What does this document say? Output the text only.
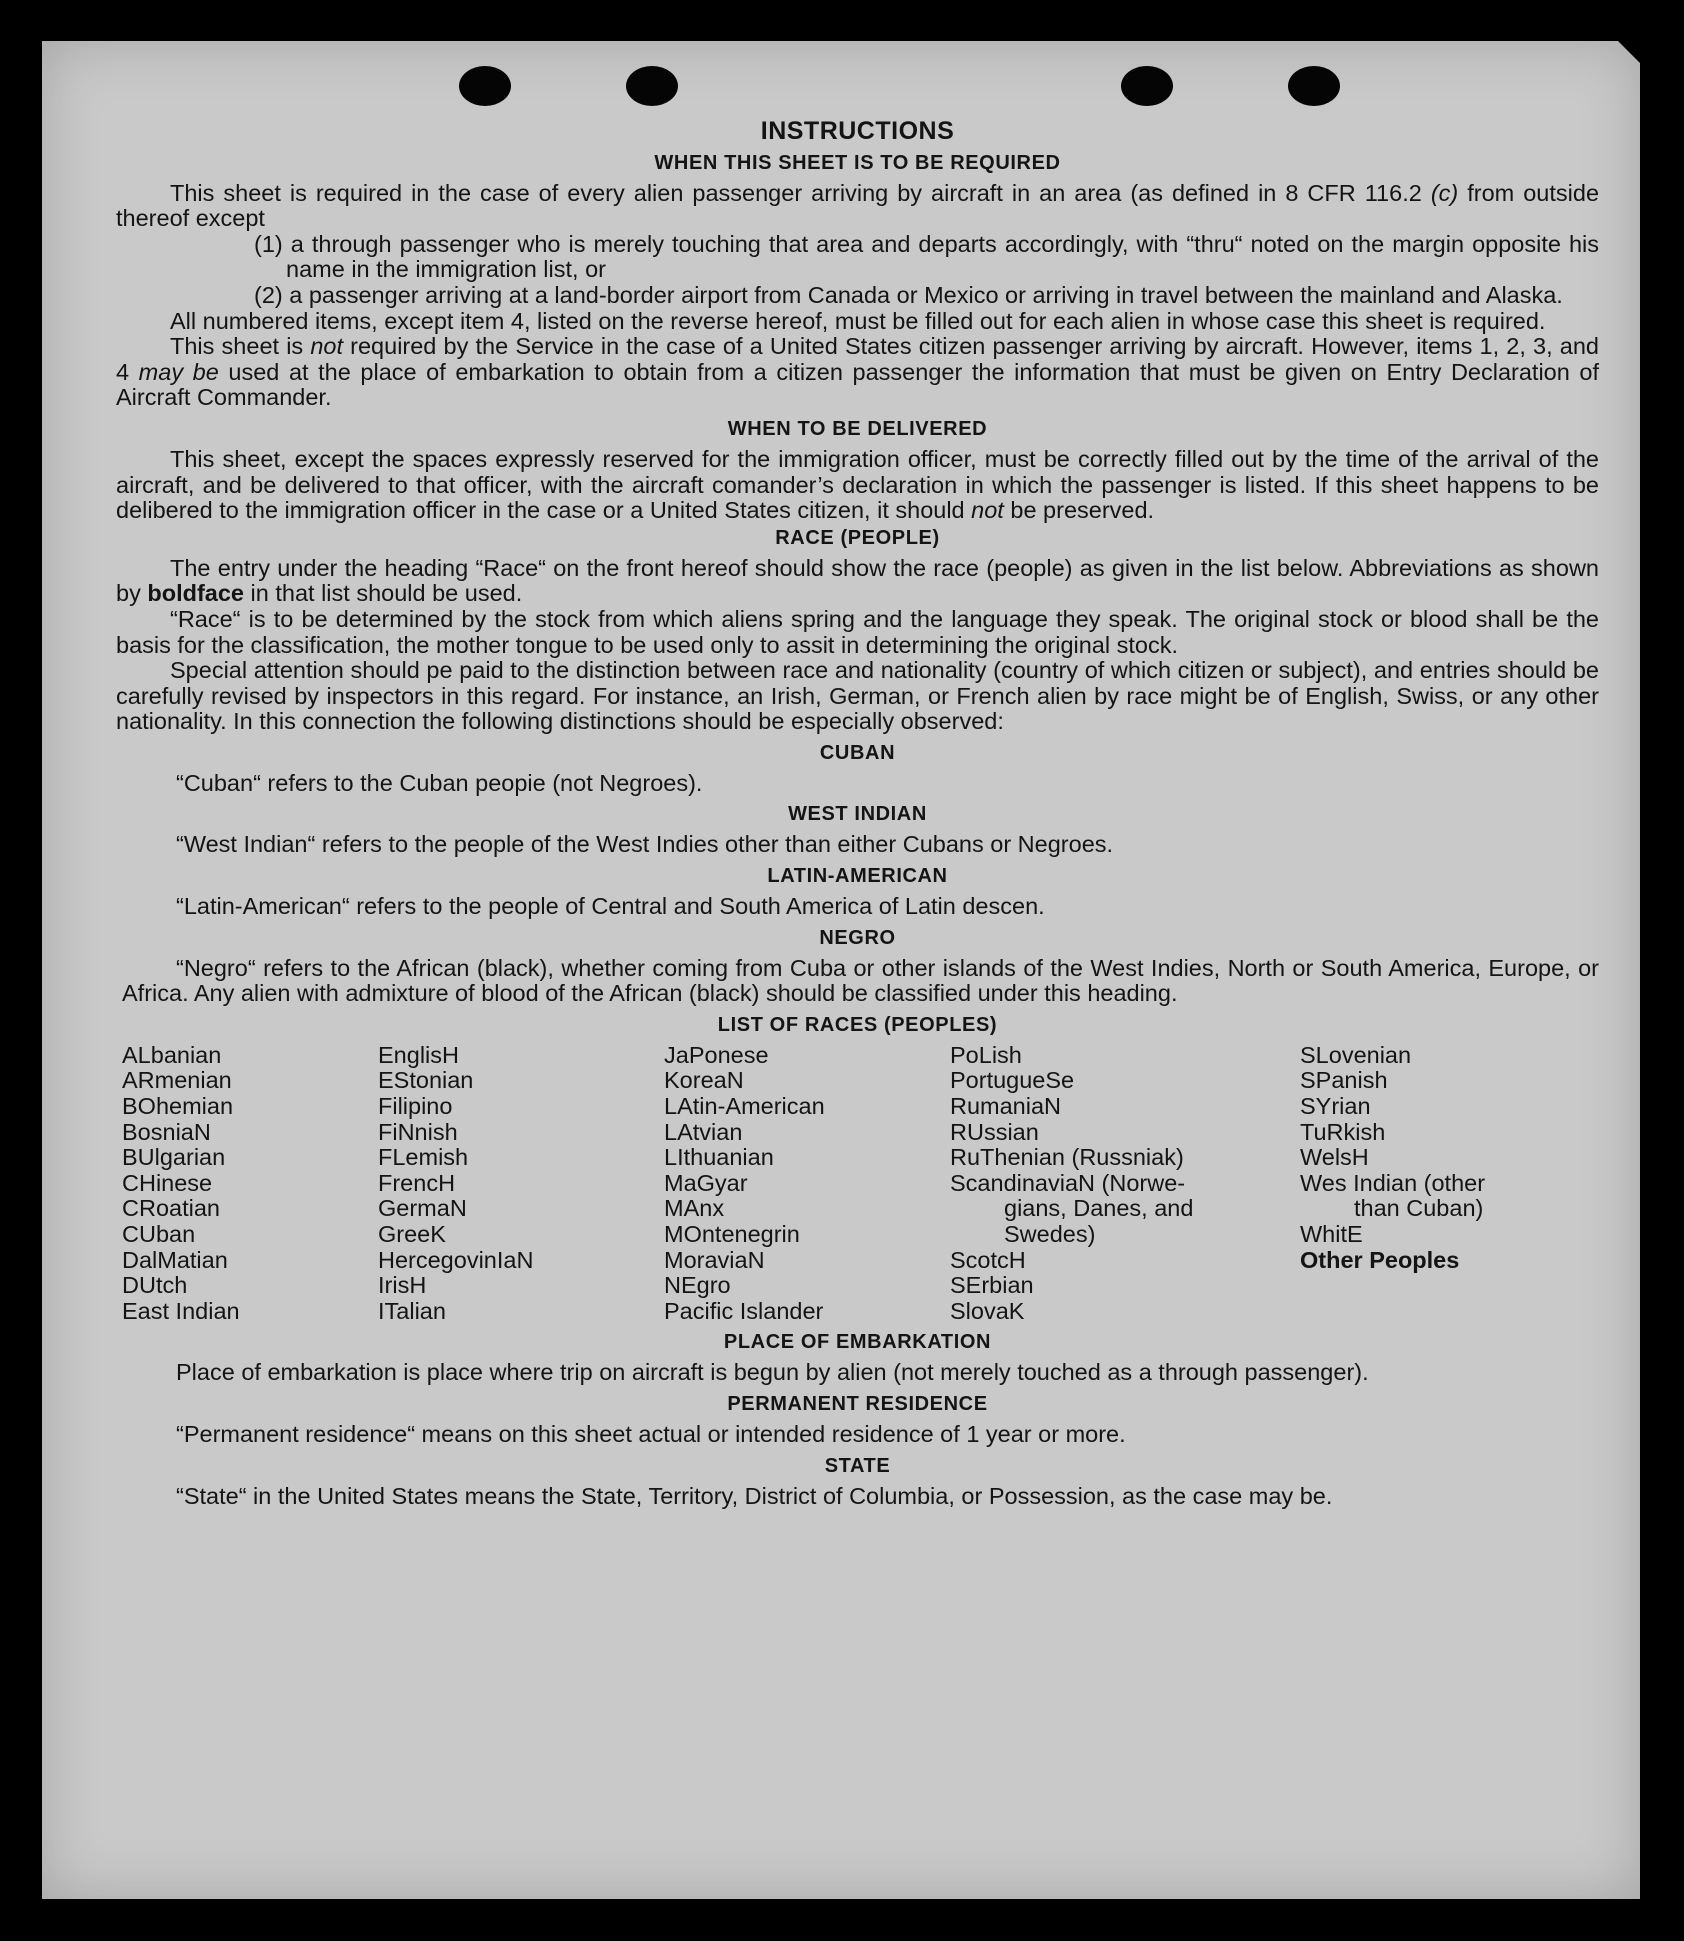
INSTRUCTIONS
WHEN THIS SHEET IS TO BE REQUIRED

This sheet is required in the case of every alien passenger arriving by aircraft in an area (as defined in 8 CFR 116.2 (c) from outside thereof except

(1) a through passenger who is merely touching that area and departs accordingly, with “thru“ noted on the margin opposite his name in the immigration list, or

(2) a passenger arriving at a land-border airport from Canada or Mexico or arriving in travel between the mainland and Alaska.

All numbered items, except item 4, listed on the reverse hereof, must be filled out for each alien in whose case this sheet is required.

This sheet is not required by the Service in the case of a United States citizen passenger arriving by aircraft. However, items 1, 2, 3, and 4 may be used at the place of embarkation to obtain from a citizen passenger the information that must be given on Entry Declaration of Aircraft Commander.

WHEN TO BE DELIVERED

This sheet, except the spaces expressly reserved for the immigration officer, must be correctly filled out by the time of the arrival of the aircraft, and be delivered to that officer, with the aircraft comander’s declaration in which the passenger is listed. If this sheet happens to be delibered to the immigration officer in the case or a United States citizen, it should not be preserved.

RACE (PEOPLE)

The entry under the heading “Race“ on the front hereof should show the race (people) as given in the list below. Abbreviations as shown by boldface in that list should be used.

“Race“ is to be determined by the stock from which aliens spring and the language they speak. The original stock or blood shall be the basis for the classification, the mother tongue to be used only to assit in determining the original stock.

Special attention should pe paid to the distinction between race and nationality (country of which citizen or subject), and entries should be carefully revised by inspectors in this regard. For instance, an Irish, German, or French alien by race might be of English, Swiss, or any other nationality. In this connection the following distinctions should be especially observed:

CUBAN

“Cuban“ refers to the Cuban peopie (not Negroes).

WEST INDIAN

“West Indian“ refers to the people of the West Indies other than either Cubans or Negroes.

LATIN-AMERICAN

“Latin-American“ refers to the people of Central and South America of Latin descen.

NEGRO

“Negro“ refers to the African (black), whether coming from Cuba or other islands of the West Indies, North or South America, Europe, or Africa. Any alien with admixture of blood of the African (black) should be classified under this heading.

LIST OF RACES (PEOPLES)
ALbanian
ARmenian
BOhemian
BosniaN
BUlgarian
CHinese
CRoatian
CUban
DalMatian
DUtch
East Indian
EnglisH
EStonian
Filipino
FiNnish
FLemish
FrencH
GermaN
GreeK
HercegovinIaN
IrisH
ITalian
JaPonese
KoreaN
LAtin-American
LAtvian
LIthuanian
MaGyar
MAnx
MOntenegrin
MoraviaN
NEgro
Pacific Islander
PoLish
PortugueSe
RumaniaN
RUssian
RuThenian (Russniak)
ScandinaviaN (Norwe-
gians, Danes, and
Swedes)
ScotcH
SErbian
SlovaK
SLovenian
SPanish
SYrian
TuRkish
WelsH
Wes Indian (other
than Cuban)
WhitE
Other Peoples
PLACE OF EMBARKATION

Place of embarkation is place where trip on aircraft is begun by alien (not merely touched as a through passenger).

PERMANENT RESIDENCE

“Permanent residence“ means on this sheet actual or intended residence of 1 year or more.

STATE

“State“ in the United States means the State, Territory, District of Columbia, or Possession, as the case may be.
